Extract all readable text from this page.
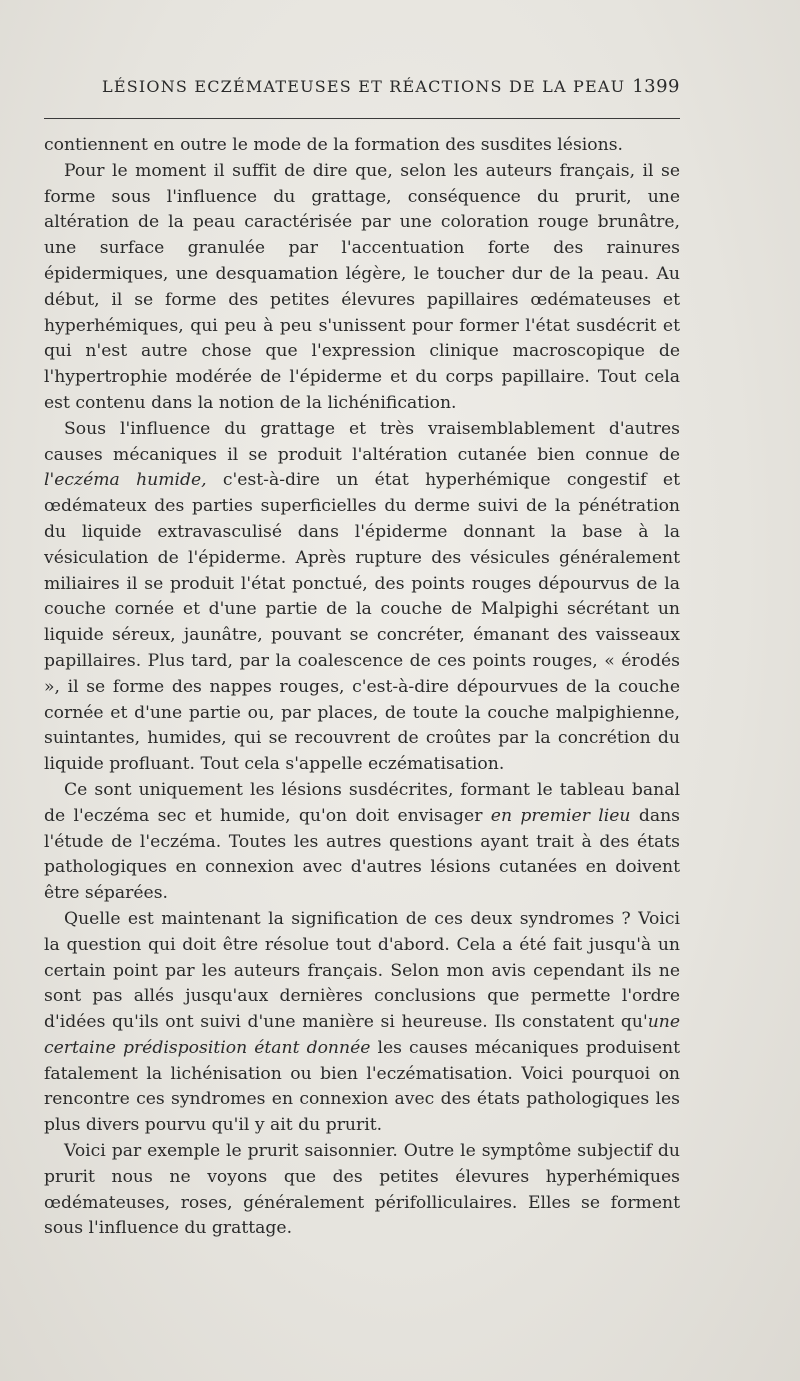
LÉSIONS ECZÉMATEUSES ET RÉACTIONS DE LA PEAU 1399

contiennent en outre le mode de la formation des susdites lésions.

Pour le moment il suffit de dire que, selon les auteurs français, il se forme sous l'influence du grattage, conséquence du prurit, une altération de la peau caractérisée par une coloration rouge brunâtre, une surface granulée par l'accentuation forte des rainures épidermiques, une desquamation légère, le toucher dur de la peau. Au début, il se forme des petites élevures papillaires œdémateuses et hyperhémiques, qui peu à peu s'unissent pour former l'état susdécrit et qui n'est autre chose que l'expression clinique macroscopique de l'hypertrophie modérée de l'épiderme et du corps papillaire. Tout cela est contenu dans la notion de la lichénification.

Sous l'influence du grattage et très vraisemblablement d'autres causes mécaniques il se produit l'altération cutanée bien connue de l'eczéma humide, c'est-à-dire un état hyperhémique congestif et œdémateux des parties superficielles du derme suivi de la pénétration du liquide extravasculisé dans l'épiderme donnant la base à la vésiculation de l'épiderme. Après rupture des vésicules généralement miliaires il se produit l'état ponctué, des points rouges dépourvus de la couche cornée et d'une partie de la couche de Malpighi sécrétant un liquide séreux, jaunâtre, pouvant se concréter, émanant des vaisseaux papillaires. Plus tard, par la coalescence de ces points rouges, « érodés », il se forme des nappes rouges, c'est-à-dire dépourvues de la couche cornée et d'une partie ou, par places, de toute la couche malpighienne, suintantes, humides, qui se recouvrent de croûtes par la concrétion du liquide profluant. Tout cela s'appelle eczématisation.

Ce sont uniquement les lésions susdécrites, formant le tableau banal de l'eczéma sec et humide, qu'on doit envisager en premier lieu dans l'étude de l'eczéma. Toutes les autres questions ayant trait à des états pathologiques en connexion avec d'autres lésions cutanées en doivent être séparées.

Quelle est maintenant la signification de ces deux syndromes ? Voici la question qui doit être résolue tout d'abord. Cela a été fait jusqu'à un certain point par les auteurs français. Selon mon avis cependant ils ne sont pas allés jusqu'aux dernières conclusions que permette l'ordre d'idées qu'ils ont suivi d'une manière si heureuse. Ils constatent qu'une certaine prédisposition étant donnée les causes mécaniques produisent fatalement la lichénisation ou bien l'eczématisation. Voici pourquoi on rencontre ces syndromes en connexion avec des états pathologiques les plus divers pourvu qu'il y ait du prurit.

Voici par exemple le prurit saisonnier. Outre le symptôme subjectif du prurit nous ne voyons que des petites élevures hyperhémiques œdémateuses, roses, généralement périfolliculaires. Elles se forment sous l'influence du grattage.
